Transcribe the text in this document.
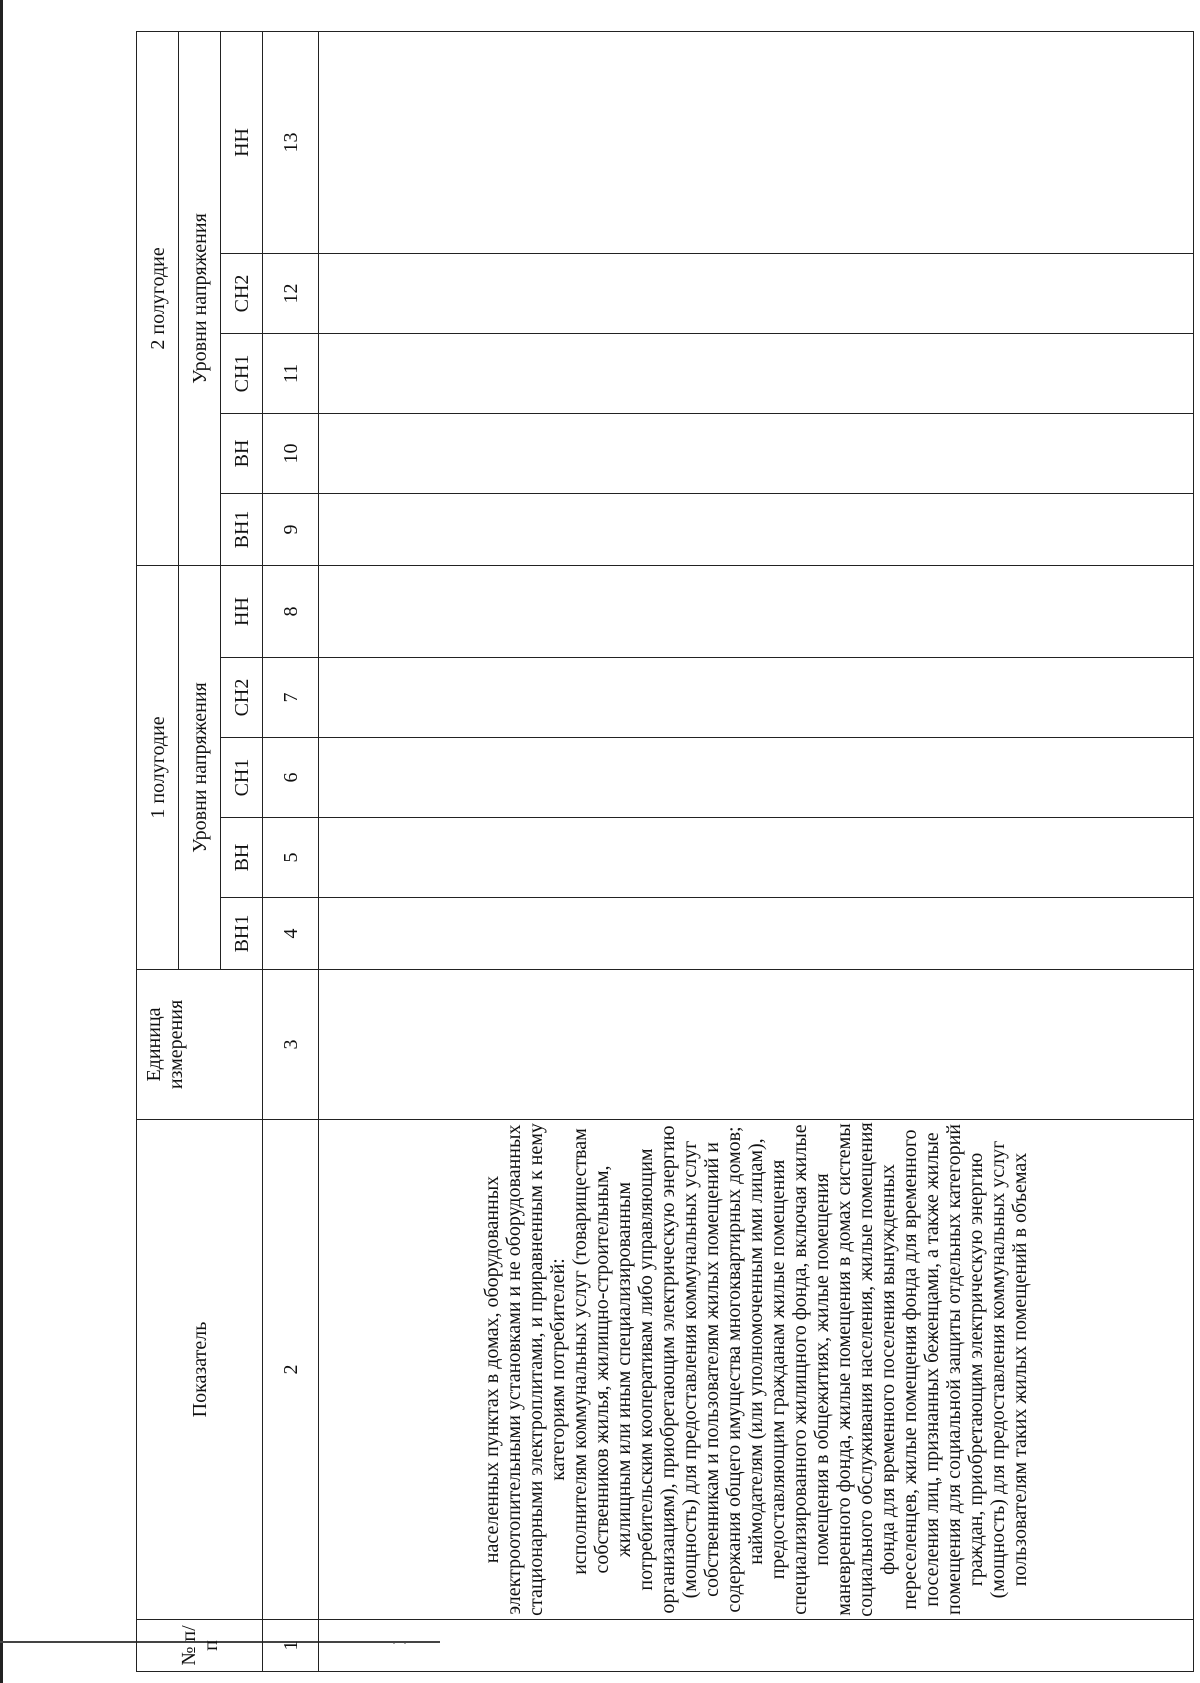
· ·
№ п/п	Показатель	Единица измерения	1 полугодие					2 полугодие				
			Уровни напряжения					Уровни напряжения				
			ВН1	ВН	СН1	СН2	НН	ВН1	ВН	СН1	СН2	НН
1	2	3	4	5	6	7	8	9	10	11	12	13

	населенных пунктах в домах, оборудованных электроотопительными установками и не оборудованных стационарными электроплитами, и приравненным к нему категориям потребителей: исполнителям коммунальных услуг (товариществам собственников жилья, жилищно-строительным, жилищным или иным специализированным потребительским кооперативам либо управляющим организациям), приобретающим электрическую энергию (мощность) для предоставления коммунальных услуг собственникам и пользователям жилых помещений и содержания общего имущества многоквартирных домов; наймодателям (или уполномоченным ими лицам), предоставляющим гражданам жилые помещения специализированного жилищного фонда, включая жилые помещения в общежитиях, жилые помещения маневренного фонда, жилые помещения в домах системы социального обслуживания населения, жилые помещения фонда для временного поселения вынужденных переселенцев, жилые помещения фонда для временного поселения лиц, признанных беженцами, а также жилые помещения для социальной защиты отдельных категорий граждан, приобретающим электрическую энергию (мощность) для предоставления коммунальных услуг пользователям таких жилых помещений в объемах											
